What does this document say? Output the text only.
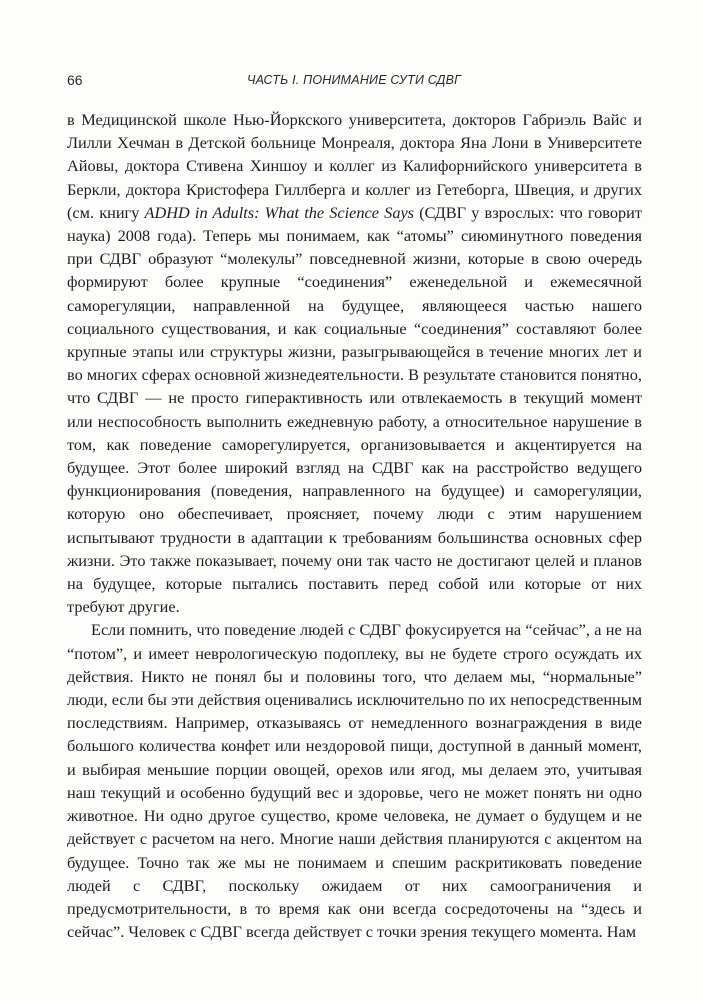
66	ЧАСТЬ I. ПОНИМАНИЕ СУТИ СДВГ

в Медицинской школе Нью-Йоркского университета, докторов Габриэль Вайс и Лилли Хечман в Детской больнице Монреаля, доктора Яна Лони в Университете Айовы, доктора Стивена Хиншоу и коллег из Калифорнийского университета в Беркли, доктора Кристофера Гиллберга и коллег из Гетеборга, Швеция, и других (см. книгу ADHD in Adults: What the Science Says (СДВГ у взрослых: что говорит наука) 2008 года). Теперь мы понимаем, как “атомы” сиюминутного поведения при СДВГ образуют “молекулы” повседневной жизни, которые в свою очередь формируют более крупные “соединения” еженедельной и ежемесячной саморегуляции, направленной на будущее, являющееся частью нашего социального существования, и как социальные “соединения” составляют более крупные этапы или структуры жизни, разыгрывающейся в течение многих лет и во многих сферах основной жизнедеятельности. В результате становится понятно, что СДВГ — не просто гиперактивность или отвлекаемость в текущий момент или неспособность выполнить ежедневную работу, а относительное нарушение в том, как поведение саморегулируется, организовывается и акцентируется на будущее. Этот более широкий взгляд на СДВГ как на расстройство ведущего функционирования (поведения, направленного на будущее) и саморегуляции, которую оно обеспечивает, проясняет, почему люди с этим нарушением испытывают трудности в адаптации к требованиям большинства основных сфер жизни. Это также показывает, почему они так часто не достигают целей и планов на будущее, которые пытались поставить перед собой или которые от них требуют другие.

Если помнить, что поведение людей с СДВГ фокусируется на “сейчас”, а не на “потом”, и имеет неврологическую подоплеку, вы не будете строго осуждать их действия. Никто не понял бы и половины того, что делаем мы, “нормальные” люди, если бы эти действия оценивались исключительно по их непосредственным последствиям. Например, отказываясь от немедленного вознаграждения в виде большого количества конфет или нездоровой пищи, доступной в данный момент, и выбирая меньшие порции овощей, орехов или ягод, мы делаем это, учитывая наш текущий и особенно будущий вес и здоровье, чего не может понять ни одно животное. Ни одно другое существо, кроме человека, не думает о будущем и не действует с расчетом на него. Многие наши действия планируются с акцентом на будущее. Точно так же мы не понимаем и спешим раскритиковать поведение людей с СДВГ, поскольку ожидаем от них самоограничения и предусмотрительности, в то время как они всегда сосредоточены на “здесь и сейчас”. Человек с СДВГ всегда действует с точки зрения текущего момента. Нам
